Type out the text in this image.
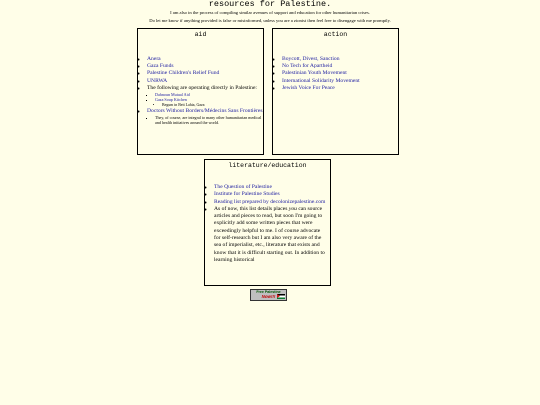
resources for Palestine.
I am also in the process of compiling similar avenues of support and education for other humanitarian crises.
Do let me know if anything provided is false or misinformed, unless you are a zionist then feel free to disengage with me promptly.
aid
◦ Anera
◦ Gaza Funds
◦ Palestine Children's Relief Fund
◦ UNRWA
◦ The following are operating directly in Palestine:
▪ Dahnoun Mutual Aid
▪ Gaza Soup Kitchen
• Begum in Beit Lahia, Gaza
◦ Doctors Without Borders/Médecins Sans Frontières
▪ They, of course, are integral to many other humanitarian medical and health initiatives around the world.
action
◦ Boycott, Divest, Sanction
◦ No Tech for Apartheid
◦ Palestinian Youth Movement
◦ International Solidarity Movement
◦ Jewish Voice For Peace
literature/education
◦ The Question of Palestine
◦ Institute for Palestine Studies
◦ Reading list prepared by decolonizepalestine.com
◦ As of now, this list details places you can source articles and pieces to read, but soon I'm going to explicitly add some written pieces that were exceedingly helpful to me. I of course advocate for self-research but I am also very aware of the sea of imperialist, etc., literature that exists and know that it is difficult starting out. In addition to learning historical
Free Palestine
Now!!!
